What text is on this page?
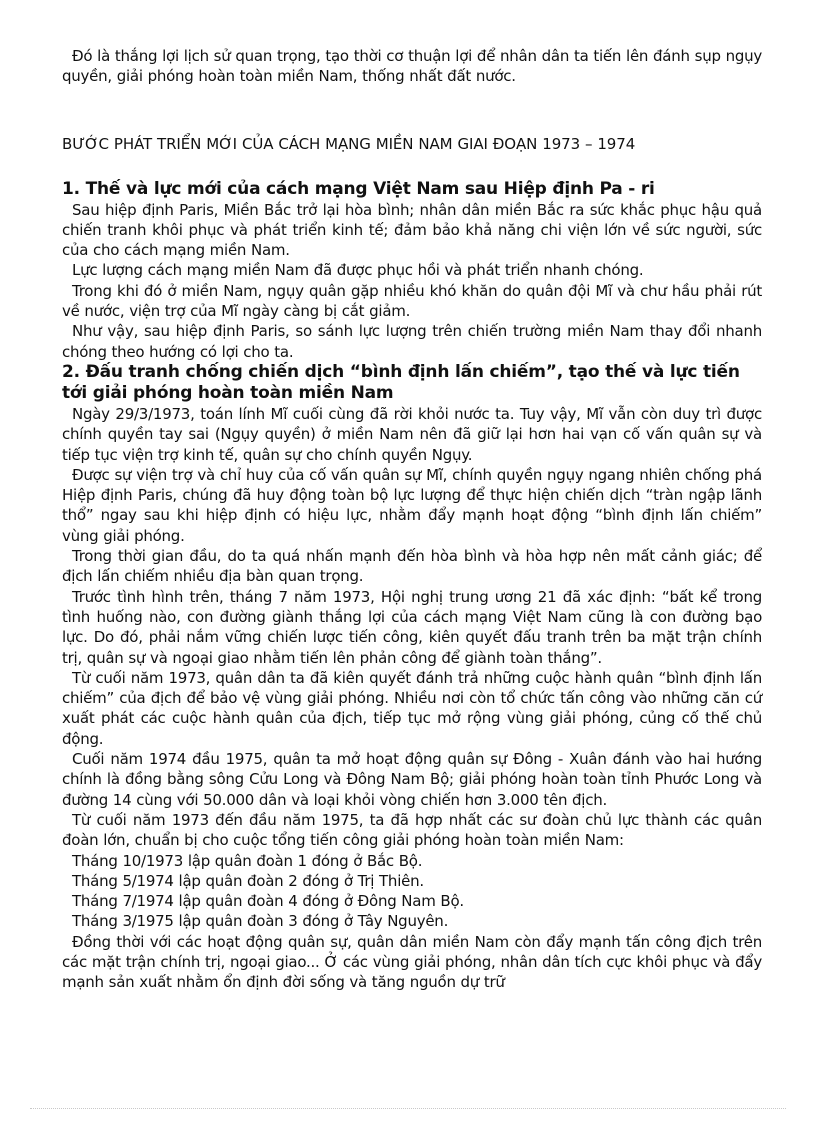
Đó là thắng lợi lịch sử quan trọng, tạo thời cơ thuận lợi để nhân dân ta tiến lên đánh sụp ngụy quyền, giải phóng hoàn toàn miền Nam, thống nhất đất nước.

BƯỚC PHÁT TRIỂN MỚI CỦA CÁCH MẠNG MIỀN NAM GIAI ĐOẠN 1973 – 1974

1. Thế và lực mới của cách mạng Việt Nam sau Hiệp định Pa - ri

Sau hiệp định Paris, Miền Bắc trở lại hòa bình; nhân dân miền Bắc ra sức khắc phục hậu quả chiến tranh khôi phục và phát triển kinh tế; đảm bảo khả năng chi viện lớn về sức người, sức của cho cách mạng miền Nam.

Lực lượng cách mạng miền Nam đã được phục hồi và phát triển nhanh chóng.

Trong khi đó ở miền Nam, ngụy quân gặp nhiều khó khăn do quân đội Mĩ và chư hầu phải rút về nước, viện trợ của Mĩ ngày càng bị cắt giảm.

Như vậy, sau hiệp định Paris, so sánh lực lượng trên chiến trường miền Nam thay đổi nhanh chóng theo hướng có lợi cho ta.

2. Đấu tranh chống chiến dịch “bình định lấn chiếm”, tạo thế và lực tiến tới giải phóng hoàn toàn miền Nam

Ngày 29/3/1973, toán lính Mĩ cuối cùng đã rời khỏi nước ta. Tuy vậy, Mĩ vẫn còn duy trì được chính quyền tay sai (Ngụy quyền) ở miền Nam nên đã giữ lại hơn hai vạn cố vấn quân sự và tiếp tục viện trợ kinh tế, quân sự cho chính quyền Ngụy.

Được sự viện trợ và chỉ huy của cố vấn quân sự Mĩ, chính quyền ngụy ngang nhiên chống phá Hiệp định Paris, chúng đã huy động toàn bộ lực lượng để thực hiện chiến dịch “tràn ngập lãnh thổ” ngay sau khi hiệp định có hiệu lực, nhằm đẩy mạnh hoạt động “bình định lấn chiếm” vùng giải phóng.

Trong thời gian đầu, do ta quá nhấn mạnh đến hòa bình và hòa hợp nên mất cảnh giác; để địch lấn chiếm nhiều địa bàn quan trọng.

Trước tình hình trên, tháng 7 năm 1973, Hội nghị trung ương 21 đã xác định: “bất kể trong tình huống nào, con đường giành thắng lợi của cách mạng Việt Nam cũng là con đường bạo lực. Do đó, phải nắm vững chiến lược tiến công, kiên quyết đấu tranh trên ba mặt trận chính trị, quân sự và ngoại giao nhằm tiến lên phản công để giành toàn thắng”.

Từ cuối năm 1973, quân dân ta đã kiên quyết đánh trả những cuộc hành quân “bình định lấn chiếm” của địch để bảo vệ vùng giải phóng. Nhiều nơi còn tổ chức tấn công vào những căn cứ xuất phát các cuộc hành quân của địch, tiếp tục mở rộng vùng giải phóng, củng cố thế chủ động.

Cuối năm 1974 đầu 1975, quân ta mở hoạt động quân sự Đông - Xuân đánh vào hai hướng chính là đồng bằng sông Cửu Long và Đông Nam Bộ; giải phóng hoàn toàn tỉnh Phước Long và đường 14 cùng với 50.000 dân và loại khỏi vòng chiến hơn 3.000 tên địch.

Từ cuối năm 1973 đến đầu năm 1975, ta đã hợp nhất các sư đoàn chủ lực thành các quân đoàn lớn, chuẩn bị cho cuộc tổng tiến công giải phóng hoàn toàn miền Nam:

Tháng 10/1973 lập quân đoàn 1 đóng ở Bắc Bộ.

Tháng 5/1974 lập quân đoàn 2 đóng ở Trị Thiên.

Tháng 7/1974 lập quân đoàn 4 đóng ở Đông Nam Bộ.

Tháng 3/1975 lập quân đoàn 3 đóng ở Tây Nguyên.

Đồng thời với các hoạt động quân sự, quân dân miền Nam còn đẩy mạnh tấn công địch trên các mặt trận chính trị, ngoại giao... Ở các vùng giải phóng, nhân dân tích cực khôi phục và đẩy mạnh sản xuất nhằm ổn định đời sống và tăng nguồn dự trữ
